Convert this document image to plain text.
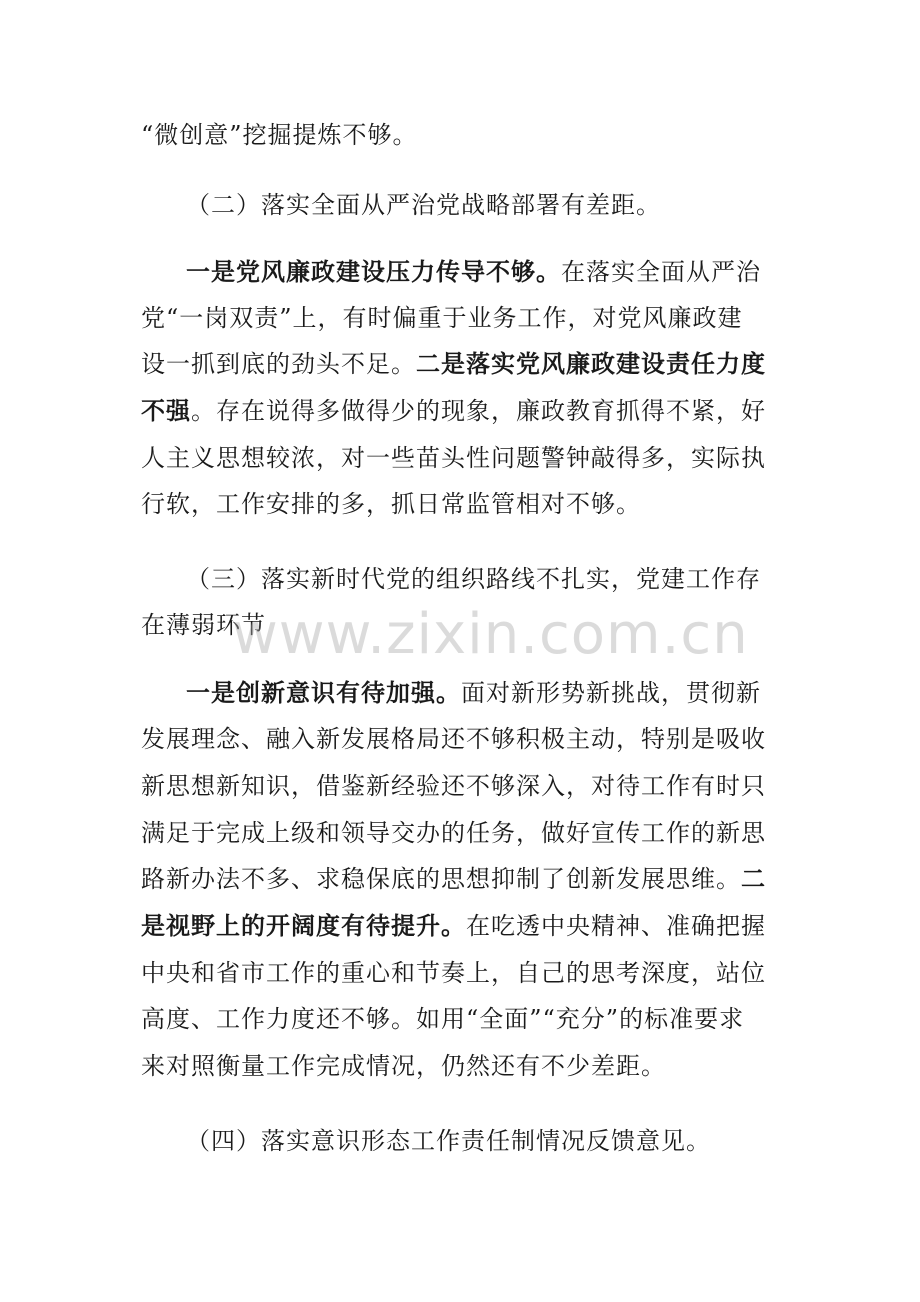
“微创意”挖掘提炼不够。
（二）落实全面从严治党战略部署有差距。
一是党风廉政建设压力传导不够。在落实全面从严治
党“一岗双责”上，有时偏重于业务工作，对党风廉政建
设一抓到底的劲头不足。二是落实党风廉政建设责任力度
不强。存在说得多做得少的现象，廉政教育抓得不紧，好
人主义思想较浓，对一些苗头性问题警钟敲得多，实际执
行软，工作安排的多，抓日常监管相对不够。
（三）落实新时代党的组织路线不扎实，党建工作存
在薄弱环节
一是创新意识有待加强。面对新形势新挑战，贯彻新
发展理念、融入新发展格局还不够积极主动，特别是吸收
新思想新知识，借鉴新经验还不够深入，对待工作有时只
满足于完成上级和领导交办的任务，做好宣传工作的新思
路新办法不多、求稳保底的思想抑制了创新发展思维。二
是视野上的开阔度有待提升。在吃透中央精神、准确把握
中央和省市工作的重心和节奏上，自己的思考深度，站位
高度、工作力度还不够。如用“全面”“充分”的标准要求
来对照衡量工作完成情况，仍然还有不少差距。
（四）落实意识形态工作责任制情况反馈意见。
www.zixin.com.cn
